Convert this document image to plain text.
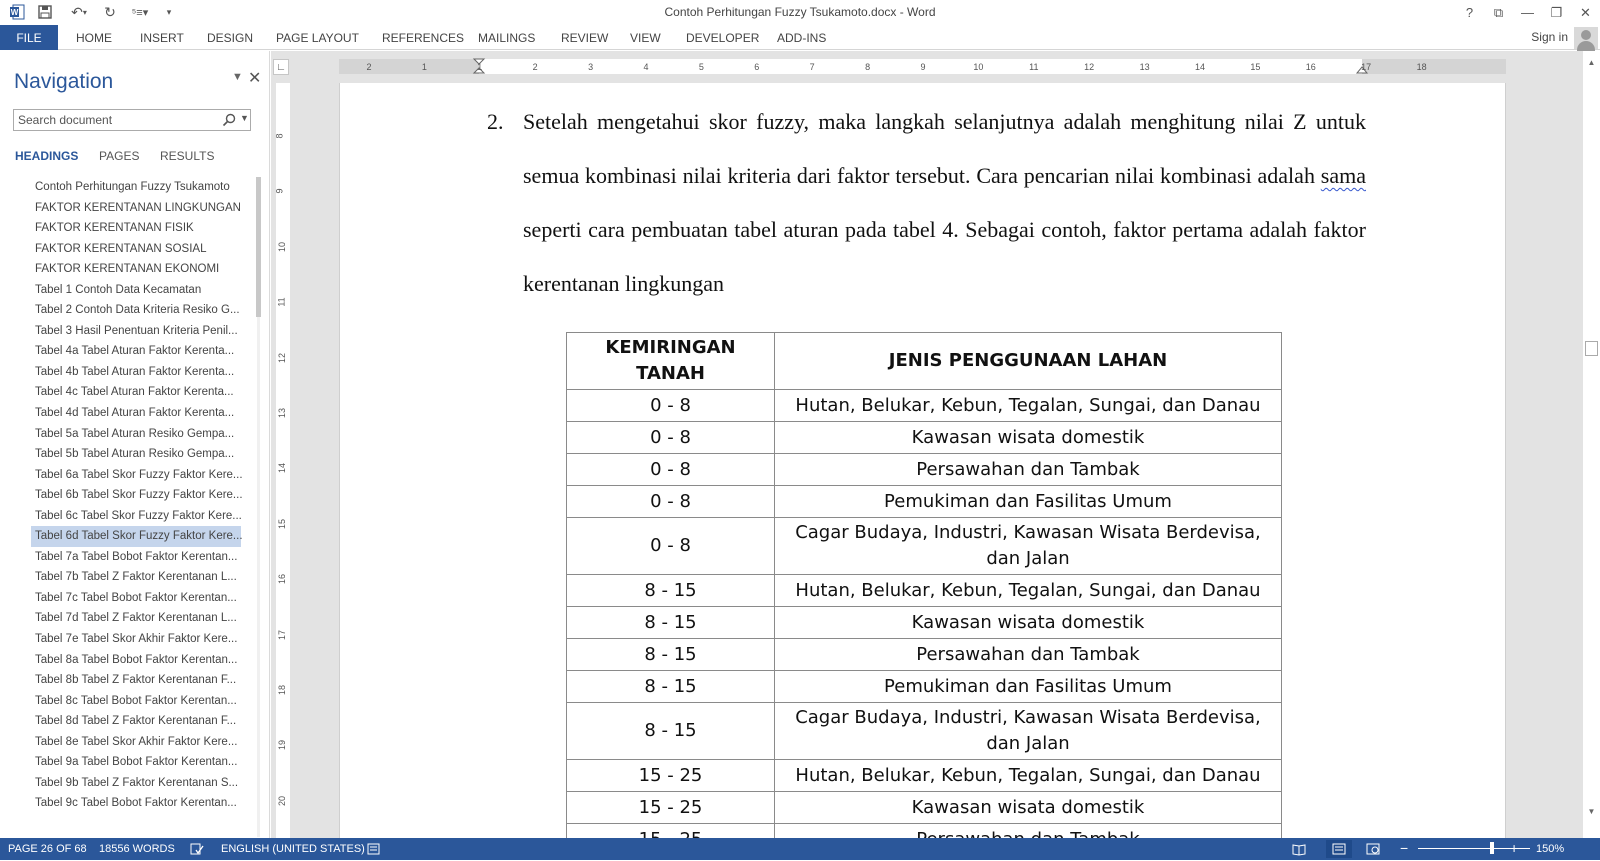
W	↶ ▾ ↻	⁵≡▾	▾	Contoh Perhitungan Fuzzy Tsukamoto.docx - Word	?	⧉	—	❐	✕
FILE	HOME INSERT DESIGN PAGE LAYOUT REFERENCES MAILINGS REVIEW VIEW DEVELOPER ADD-INS	Sign in
Navigation	▼ ✕
Search document
▼
HEADINGS PAGES RESULTS
Contoh Perhitungan Fuzzy Tsukamoto
FAKTOR KERENTANAN LINGKUNGAN
FAKTOR KERENTANAN FISIK
FAKTOR KERENTANAN SOSIAL
FAKTOR KERENTANAN EKONOMI
Tabel 1 Contoh Data Kecamatan
Tabel 2 Contoh Data Kriteria Resiko G...
Tabel 3 Hasil Penentuan Kriteria Penil...
Tabel 4a Tabel Aturan Faktor Kerenta...
Tabel 4b Tabel Aturan Faktor Kerenta...
Tabel 4c Tabel Aturan Faktor Kerenta...
Tabel 4d Tabel Aturan Faktor Kerenta...
Tabel 5a Tabel Aturan Resiko Gempa...
Tabel 5b Tabel Aturan Resiko Gempa...
Tabel 6a Tabel Skor Fuzzy Faktor Kere...
Tabel 6b Tabel Skor Fuzzy Faktor Kere...
Tabel 6c Tabel Skor Fuzzy Faktor Kere...
Tabel 6d Tabel Skor Fuzzy Faktor Kere...
Tabel 7a Tabel Bobot Faktor Kerentan...
Tabel 7b Tabel Z Faktor Kerentanan L...
Tabel 7c Tabel Bobot Faktor Kerentan...
Tabel 7d Tabel Z Faktor Kerentanan L...
Tabel 7e Tabel Skor Akhir Faktor Kere...
Tabel 8a Tabel Bobot Faktor Kerentan...
Tabel 8b Tabel Z Faktor Kerentanan F...
Tabel 8c Tabel Bobot Faktor Kerentan...
Tabel 8d Tabel Z Faktor Kerentanan F...
Tabel 8e Tabel Skor Akhir Faktor Kere...
Tabel 9a Tabel Bobot Faktor Kerentan...
Tabel 9b Tabel Z Faktor Kerentanan S...
Tabel 9c Tabel Bobot Faktor Kerentan...
∟	2	1	1	2	3	4	5	6	7	8	9	10	11	12	13	14	15	16	17	18
8
9
10
11
12
13
14
15
16
17
18
19
20
2. Setelah mengetahui skor fuzzy, maka langkah selanjutnya adalah menghitung nilai Z untuk semua kombinasi nilai kriteria dari faktor tersebut. Cara pencarian nilai kombinasi adalah sama seperti cara pembuatan tabel aturan pada tabel 4. Sebagai contoh, faktor pertama adalah faktor kerentanan lingkungan
KEMIRINGAN TANAH	JENIS PENGGUNAAN LAHAN
0 - 8	Hutan, Belukar, Kebun, Tegalan, Sungai, dan Danau
0 - 8	Kawasan wisata domestik
0 - 8	Persawahan dan Tambak
0 - 8	Pemukiman dan Fasilitas Umum
0 - 8	Cagar Budaya, Industri, Kawasan Wisata Berdevisa, dan Jalan
8 - 15	Hutan, Belukar, Kebun, Tegalan, Sungai, dan Danau
8 - 15	Kawasan wisata domestik
8 - 15	Persawahan dan Tambak
8 - 15	Pemukiman dan Fasilitas Umum
8 - 15	Cagar Budaya, Industri, Kawasan Wisata Berdevisa, dan Jalan
15 - 25	Hutan, Belukar, Kebun, Tegalan, Sungai, dan Danau
15 - 25	Kawasan wisata domestik

▲
▼
PAGE 26 OF 68 18556 WORDS	ENGLISH (UNITED STATES)	−	+ 150%
